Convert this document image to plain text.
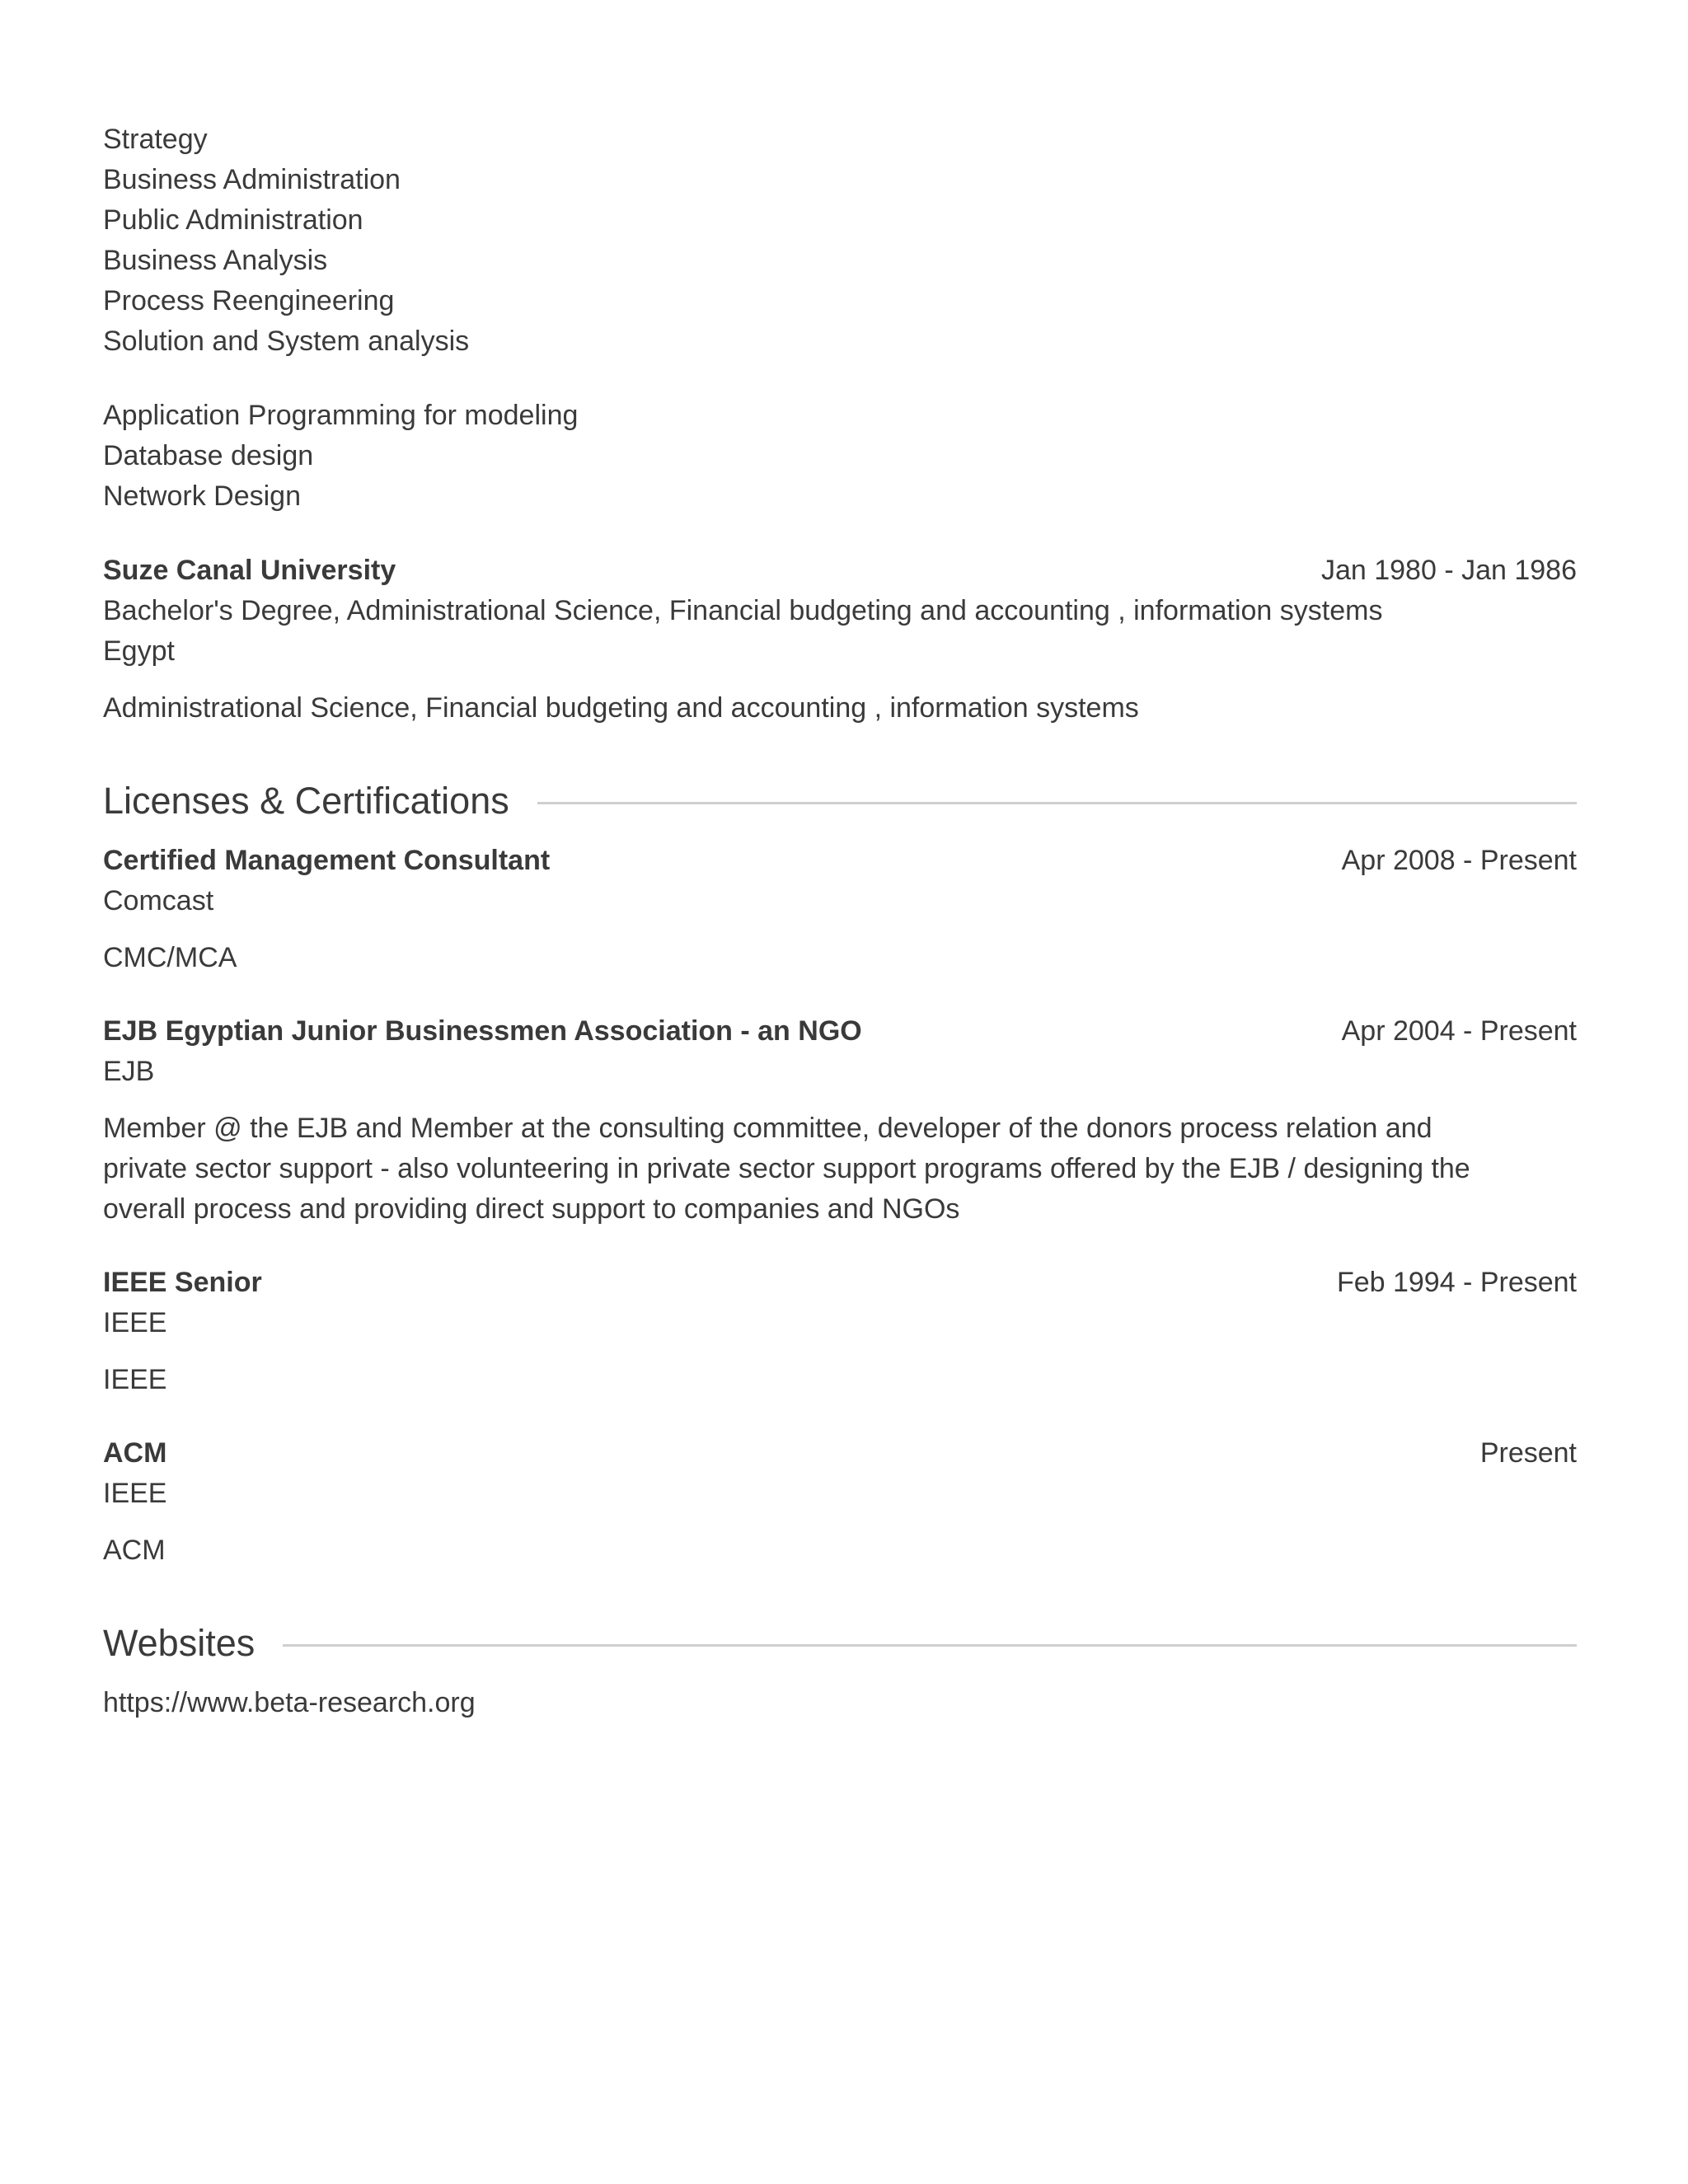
Strategy
Business Administration
Public Administration
Business Analysis
Process Reengineering
Solution and System analysis
Application Programming for modeling
Database design
Network Design
Suze Canal University	Jan 1980 - Jan 1986
Bachelor's Degree, Administrational Science, Financial budgeting and accounting , information systems
Egypt
Administrational Science, Financial budgeting and accounting , information systems
Licenses & Certifications
Certified Management Consultant	Apr 2008 - Present
Comcast
CMC/MCA
EJB Egyptian Junior Businessmen Association - an NGO	Apr 2004 - Present
EJB
Member @ the EJB and Member at the consulting committee, developer of the donors process relation and
private sector support - also volunteering in private sector support programs offered by the EJB / designing the
overall process and providing direct support to companies and NGOs
IEEE Senior	Feb 1994 - Present
IEEE
IEEE
ACM	Present
IEEE
ACM
Websites
https://www.beta-research.org
